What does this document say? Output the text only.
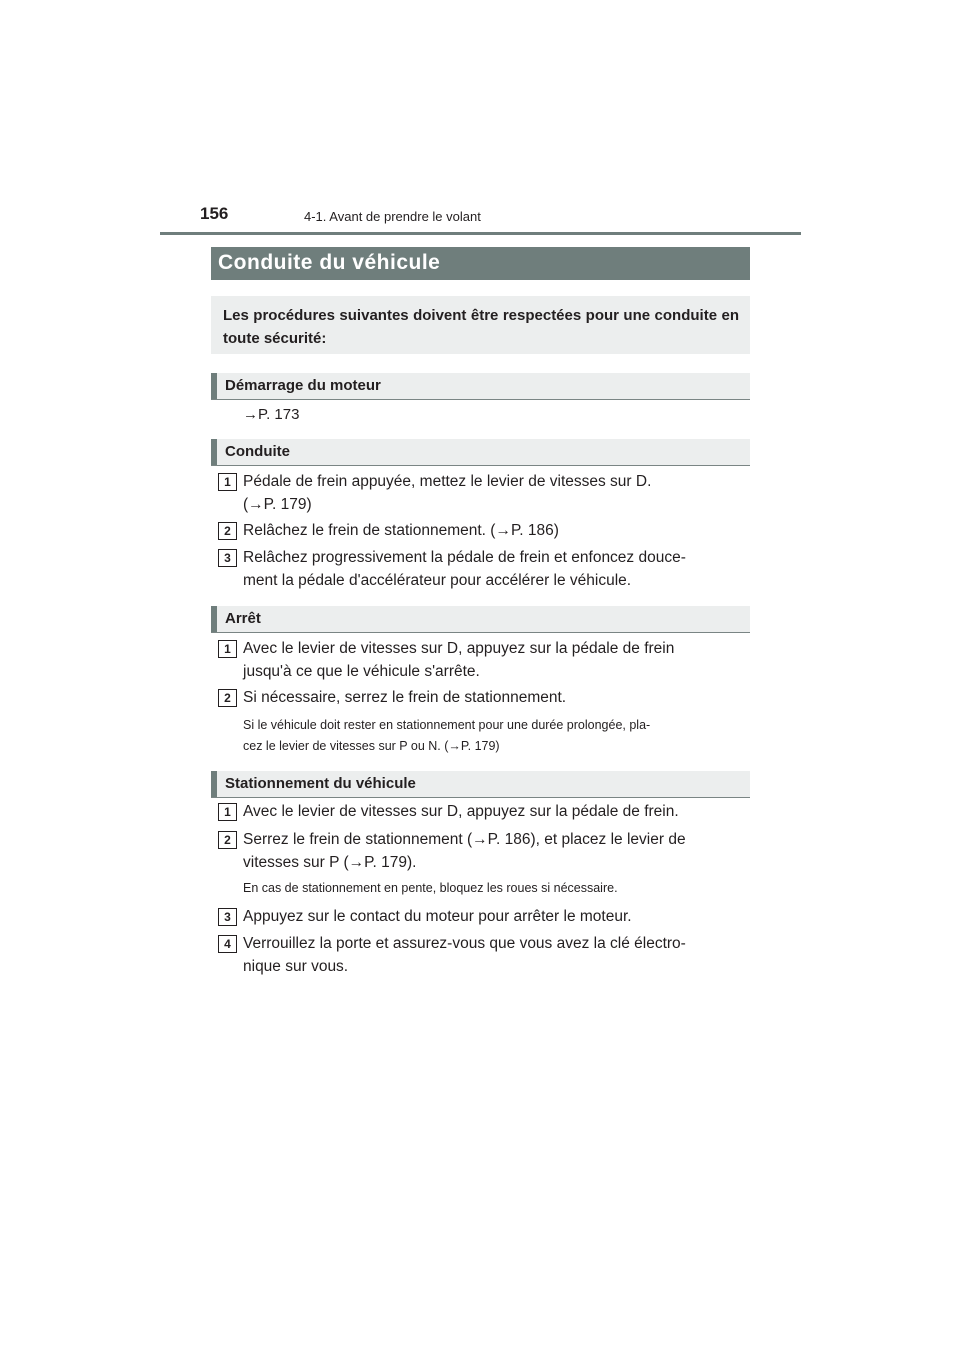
156	4-1. Avant de prendre le volant
Conduite du véhicule
Les procédures suivantes doivent être respectées pour une conduite en toute sécurité:
Démarrage du moteur
→P. 173
Conduite
1 Pédale de frein appuyée, mettez le levier de vitesses sur D.
(→P. 179)
2 Relâchez le frein de stationnement. (→P. 186)
3 Relâchez progressivement la pédale de frein et enfoncez douce-
ment la pédale d'accélérateur pour accélérer le véhicule.
Arrêt
1 Avec le levier de vitesses sur D, appuyez sur la pédale de frein
jusqu'à ce que le véhicule s'arrête.
2 Si nécessaire, serrez le frein de stationnement.
Si le véhicule doit rester en stationnement pour une durée prolongée, pla-
cez le levier de vitesses sur P ou N. (→P. 179)
Stationnement du véhicule
1 Avec le levier de vitesses sur D, appuyez sur la pédale de frein.
2 Serrez le frein de stationnement (→P. 186), et placez le levier de
vitesses sur P (→P. 179).
En cas de stationnement en pente, bloquez les roues si nécessaire.
3 Appuyez sur le contact du moteur pour arrêter le moteur.
4 Verrouillez la porte et assurez-vous que vous avez la clé électro-
nique sur vous.
